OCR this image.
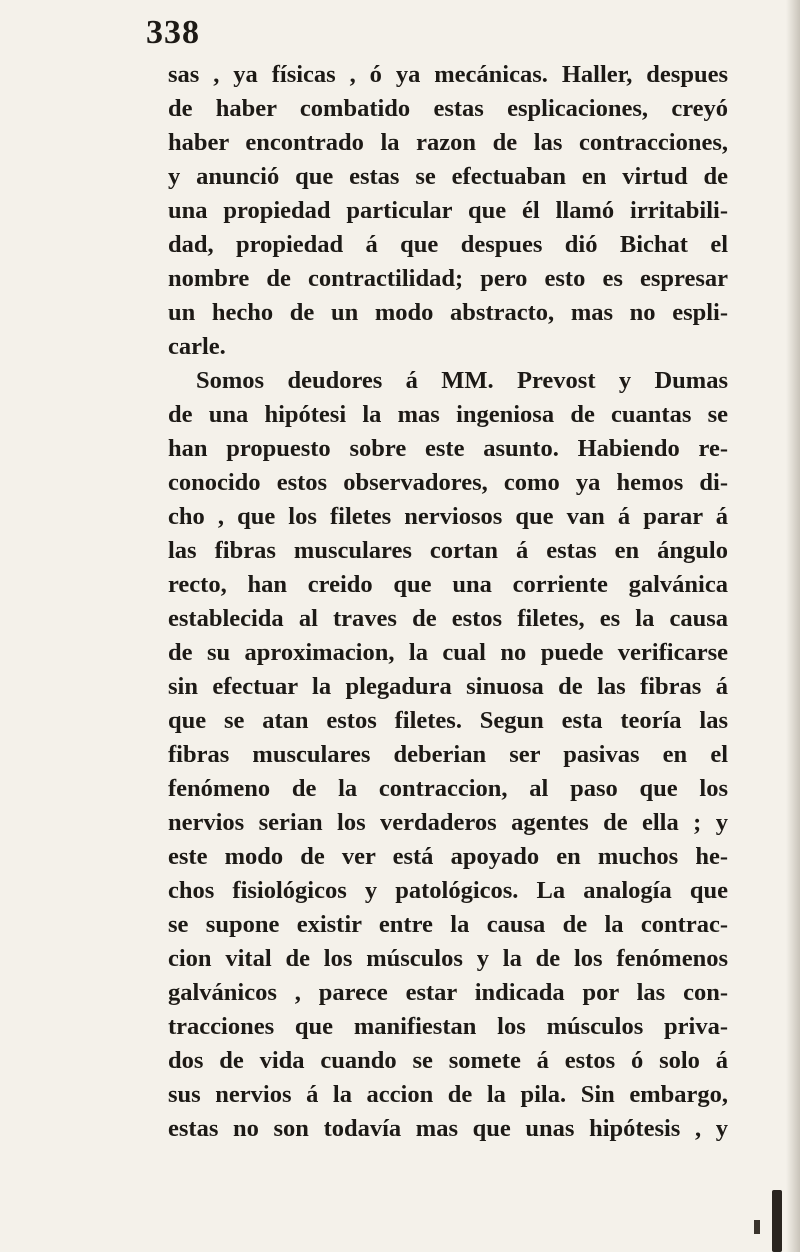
338
sas , ya físicas , ó ya mecánicas. Haller, despues
de haber combatido estas esplicaciones, creyó
haber encontrado la razon de las contracciones,
y anunció que estas se efectuaban en virtud de
una propiedad particular que él llamó irritabili-
dad, propiedad á que despues dió Bichat el
nombre de contractilidad; pero esto es espresar
un hecho de un modo abstracto, mas no espli-
carle.
Somos deudores á MM. Prevost y Dumas
de una hipótesi la mas ingeniosa de cuantas se
han propuesto sobre este asunto. Habiendo re-
conocido estos observadores, como ya hemos di-
cho , que los filetes nerviosos que van á parar á
las fibras musculares cortan á estas en ángulo
recto, han creido que una corriente galvánica
establecida al traves de estos filetes, es la causa
de su aproximacion, la cual no puede verificarse
sin efectuar la plegadura sinuosa de las fibras á
que se atan estos filetes. Segun esta teoría las
fibras musculares deberian ser pasivas en el
fenómeno de la contraccion, al paso que los
nervios serian los verdaderos agentes de ella ; y
este modo de ver está apoyado en muchos he-
chos fisiológicos y patológicos. La analogía que
se supone existir entre la causa de la contrac-
cion vital de los músculos y la de los fenómenos
galvánicos , parece estar indicada por las con-
tracciones que manifiestan los músculos priva-
dos de vida cuando se somete á estos ó solo á
sus nervios á la accion de la pila. Sin embargo,
estas no son todavía mas que unas hipótesis , y
